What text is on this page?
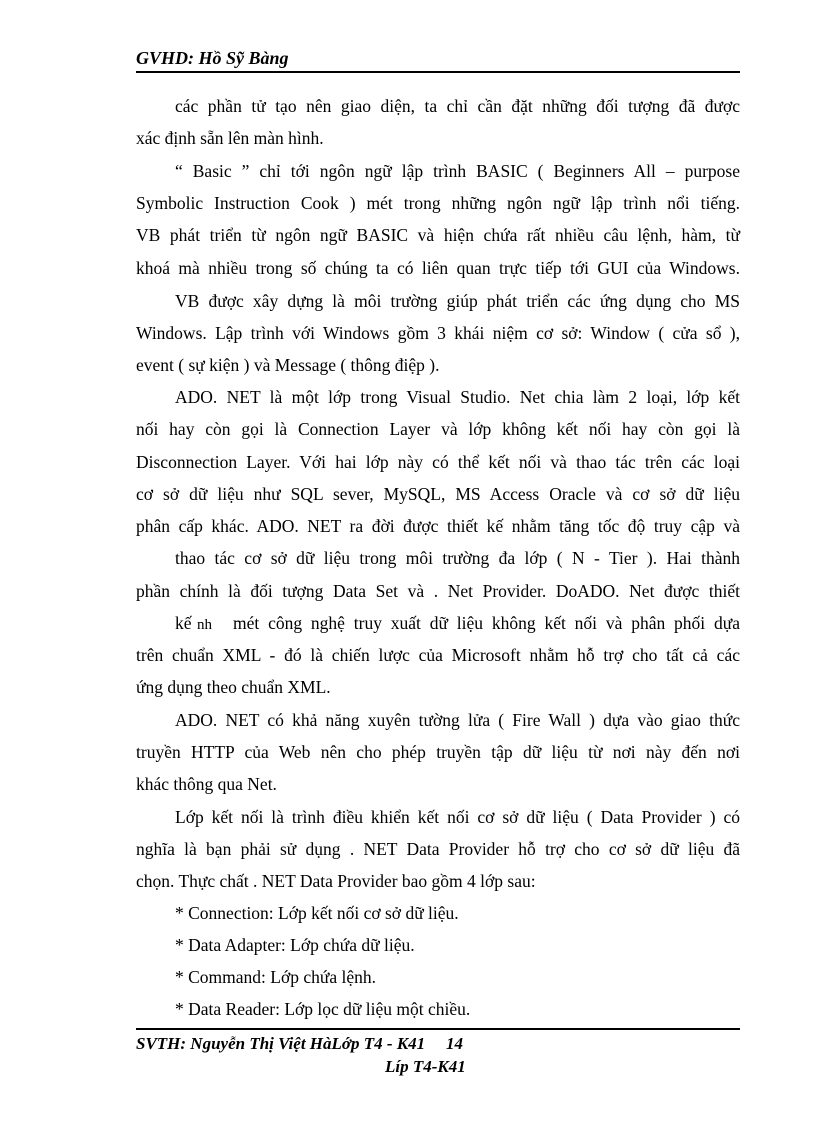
GVHD: Hồ Sỹ Bàng
các phần tử tạo nên giao diện, ta chỉ cần đặt những đối tượng đã được
xác định sẵn lên màn hình.
“ Basic ” chỉ tới ngôn ngữ lập trình BASIC ( Beginners All – purpose
Symbolic Instruction Cook ) mét trong những ngôn ngữ lập trình nổi tiếng.
VB phát triển từ ngôn ngữ BASIC và hiện chứa rất nhiều câu lệnh, hàm, từ
khoá mà nhiều trong số chúng ta có liên quan trực tiếp tới GUI của Windows.
VB được xây dựng là môi trường giúp phát triển các ứng dụng cho MS
Windows. Lập trình với Windows gồm 3 khái niệm cơ sở: Window ( cửa sổ ),
event ( sự kiện ) và Message ( thông điệp ).
ADO. NET là một lớp trong Visual Studio. Net chia làm 2 loại, lớp kết
nối hay còn gọi là Connection Layer và lớp không kết nối hay còn gọi là
Disconnection Layer. Với hai lớp này có thể kết nối và thao tác trên các loại
cơ sở dữ liệu như SQL sever, MySQL, MS Access Oracle và cơ sở dữ liệu
phân cấp khác. ADO. NET ra đời được thiết kế nhằm tăng tốc độ truy cập và
thao tác cơ sở dữ liệu trong môi trường đa lớp ( N - Tier ). Hai thành
phần chính là đối tượng Data Set và . Net Provider. DoADO. Net được thiết
kế nh	mét công nghệ truy xuất dữ liệu không kết nối và phân phối dựa
trên chuẩn XML - đó là chiến lược của Microsoft nhằm hỗ trợ cho tất cả các
ứng dụng theo chuẩn XML.
ADO. NET có khả năng xuyên tường lửa ( Fire Wall ) dựa vào giao thức
truyền HTTP của Web nên cho phép truyền tập dữ liệu từ nơi này đến nơi
khác thông qua Net.
Lớp kết nối là trình điều khiển kết nối cơ sở dữ liệu ( Data Provider ) có
nghĩa là bạn phải sử dụng . NET Data Provider hỗ trợ cho cơ sở dữ liệu đã
chọn. Thực chất . NET Data Provider bao gồm 4 lớp sau:
* Connection: Lớp kết nối cơ sở dữ liệu.
* Data Adapter: Lớp chứa dữ liệu.
* Command: Lớp chứa lệnh.
* Data Reader: Lớp lọc dữ liệu một chiều.
SVTH: Nguyễn Thị Việt HàLớp T4 - K41 14
Líp T4-K41
